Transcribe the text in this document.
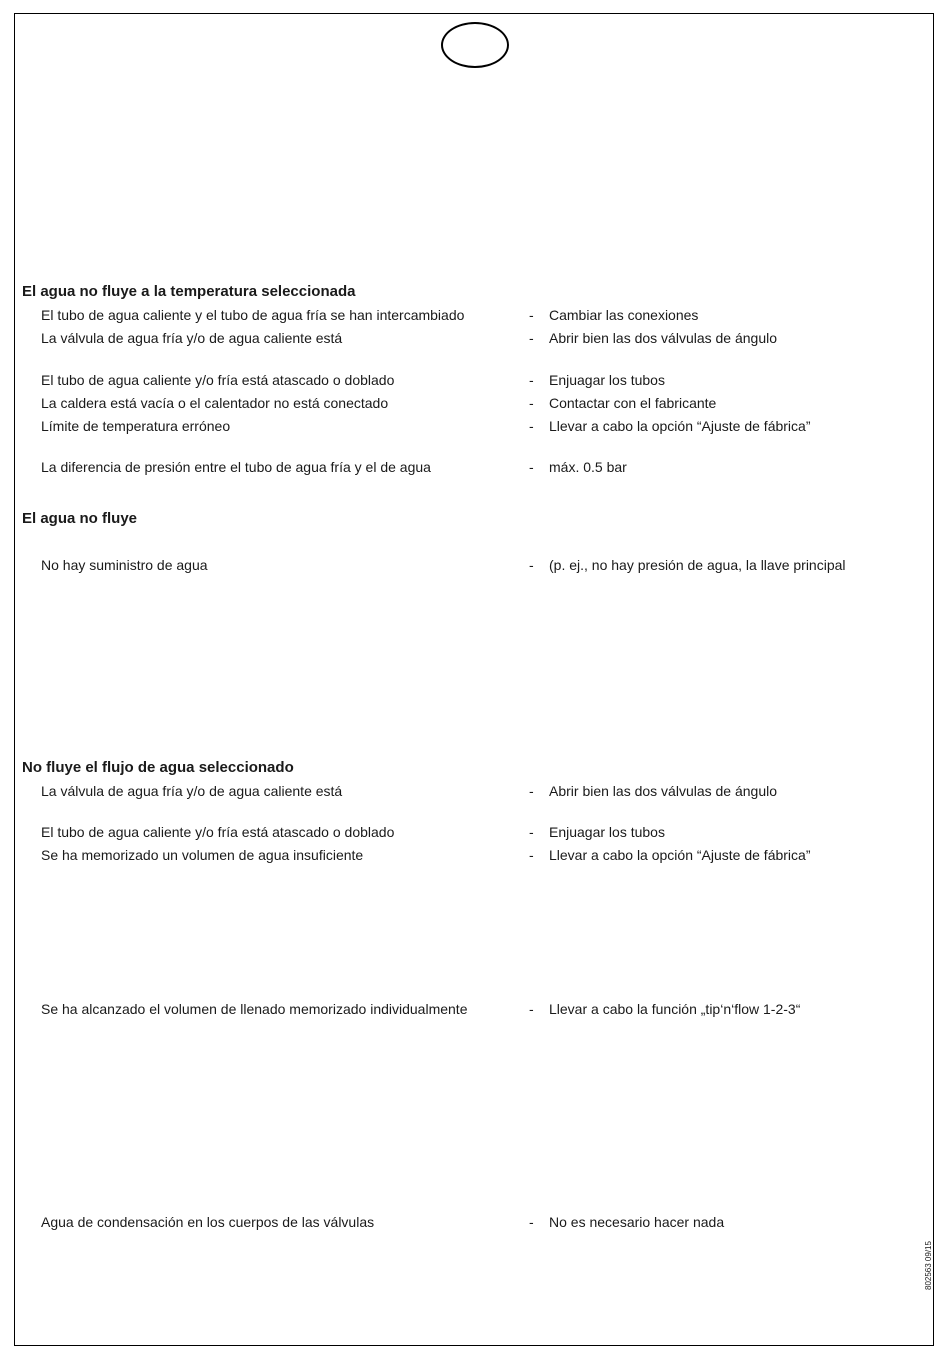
El agua no fluye a la temperatura seleccionada
El tubo de agua caliente y el tubo de agua fría se han intercambiado	- Cambiar las conexiones
La válvula de agua fría y/o de agua caliente está	- Abrir bien las dos válvulas de ángulo
El tubo de agua caliente y/o fría está atascado o doblado	- Enjuagar los tubos
La caldera está vacía o el calentador no está conectado	- Contactar con el fabricante
Límite de temperatura erróneo	- Llevar a cabo la opción “Ajuste de fábrica”
La diferencia de presión entre el tubo de agua fría y el de agua	- máx. 0.5 bar
El agua no fluye
No hay suministro de agua	- (p. ej., no hay presión de agua, la llave principal
No fluye el flujo de agua seleccionado
La válvula de agua fría y/o de agua caliente está	- Abrir bien las dos válvulas de ángulo
El tubo de agua caliente y/o fría está atascado o doblado	- Enjuagar los tubos
Se ha memorizado un volumen de agua insuficiente	- Llevar a cabo la opción “Ajuste de fábrica”
Se ha alcanzado el volumen de llenado memorizado individualmente	- Llevar a cabo la función „tip‘n‘flow 1-2-3“
Agua de condensación en los cuerpos de las válvulas	- No es necesario hacer nada
802563 09/15
